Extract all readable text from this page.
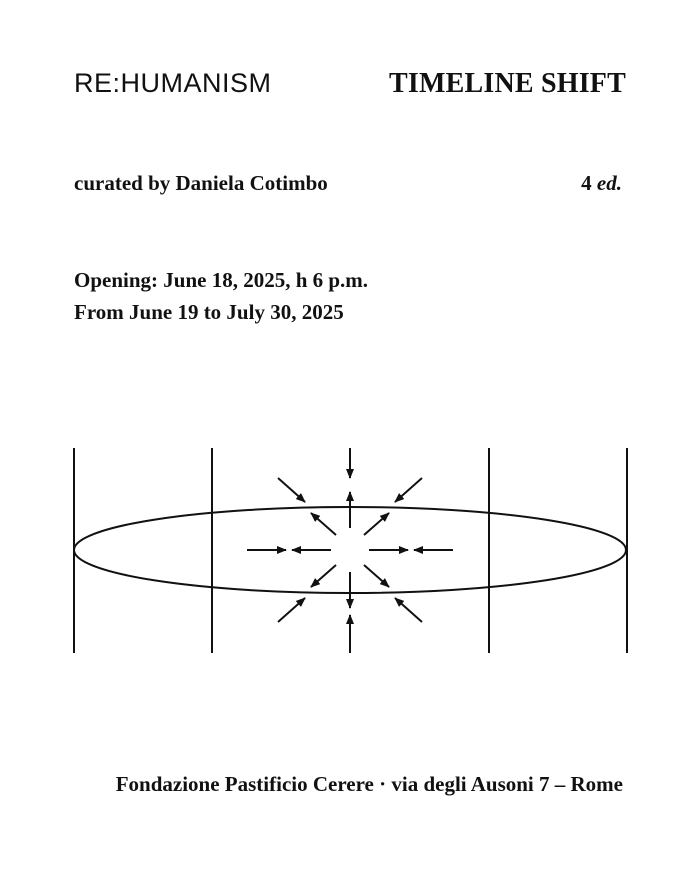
RE:HUMANISM	TIMELINE SHIFT
curated by Daniela Cotimbo	4 ed.
Opening: June 18, 2025, h 6 p.m.
From June 19 to July 30, 2025
Fondazione Pastificio Cerere · via degli Ausoni 7 – Rome
